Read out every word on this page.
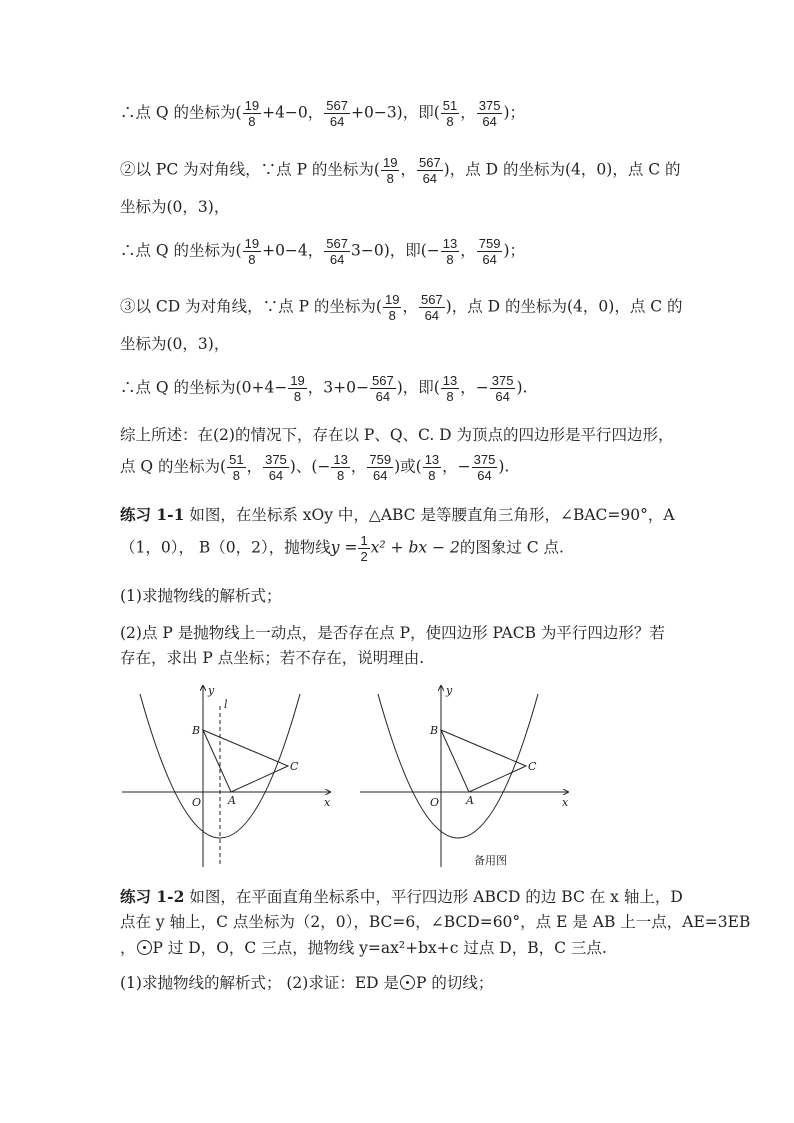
∴点 Q 的坐标为( $\frac{19}{8} +4-0$， $\frac{567}{64} +0-3$)，即( $\frac{51}{8}$ ， $\frac{375}{64}$ )；
②以 PC 为对角线，∵点 P 的坐标为( $\frac{19}{8}$ ， $\frac{567}{64}$ )，点 D 的坐标为(4，0)，点 C 的
坐标为(0，3)，
∴点 Q 的坐标为( $\frac{19}{8} +0-4$， $\frac{567}{64} 3-0$)，即(− $\frac{13}{8}$ ， $\frac{759}{64}$ )；
③以 CD 为对角线，∵点 P 的坐标为( $\frac{19}{8}$ ， $\frac{567}{64}$ )，点 D 的坐标为(4，0)，点 C 的
坐标为(0，3)，
∴点 Q 的坐标为($0+4- \frac{19}{8}$ ，$3+0- \frac{567}{64}$ )，即( $\frac{13}{8}$ ，− $\frac{375}{64}$ ).
综上所述：在(2)的情况下，存在以 P、Q、C. D 为顶点的四边形是平行四边形，
点 Q 的坐标为( $\frac{51}{8}$ ， $\frac{375}{64}$ )、(− $\frac{13}{8}$ ， $\frac{759}{64}$ )或( $\frac{13}{8}$ ，− $\frac{375}{64}$ ).
练习 1-1 如图，在坐标系 xOy 中，△ABC 是等腰直角三角形，∠BAC=90°，A
（1，0）， B（0，2），抛物线$y = \frac{1}{2} x^2$ + bx − 2的图象过 C 点.
(1)求抛物线的解析式；
(2)点 P 是抛物线上一动点，是否存在点 P，使四边形 PACB 为平行四边形？若
存在，求出 P 点坐标；若不存在，说明理由.
y
l
B
C
O A	x
y
B
C
O A	x
备用图
练习 1-2 如图，在平面直角坐标系中，平行四边形 ABCD 的边 BC 在 x 轴上，D
点在 y 轴上，C 点坐标为（2，0），BC=6，∠BCD=60°，点 E 是 AB 上一点，AE=3EB
， P 过 D，O，C 三点，抛物线 y=ax²+bx+c 过点 D，B，C 三点.
(1)求抛物线的解析式； (2)求证：ED 是 P 的切线；
